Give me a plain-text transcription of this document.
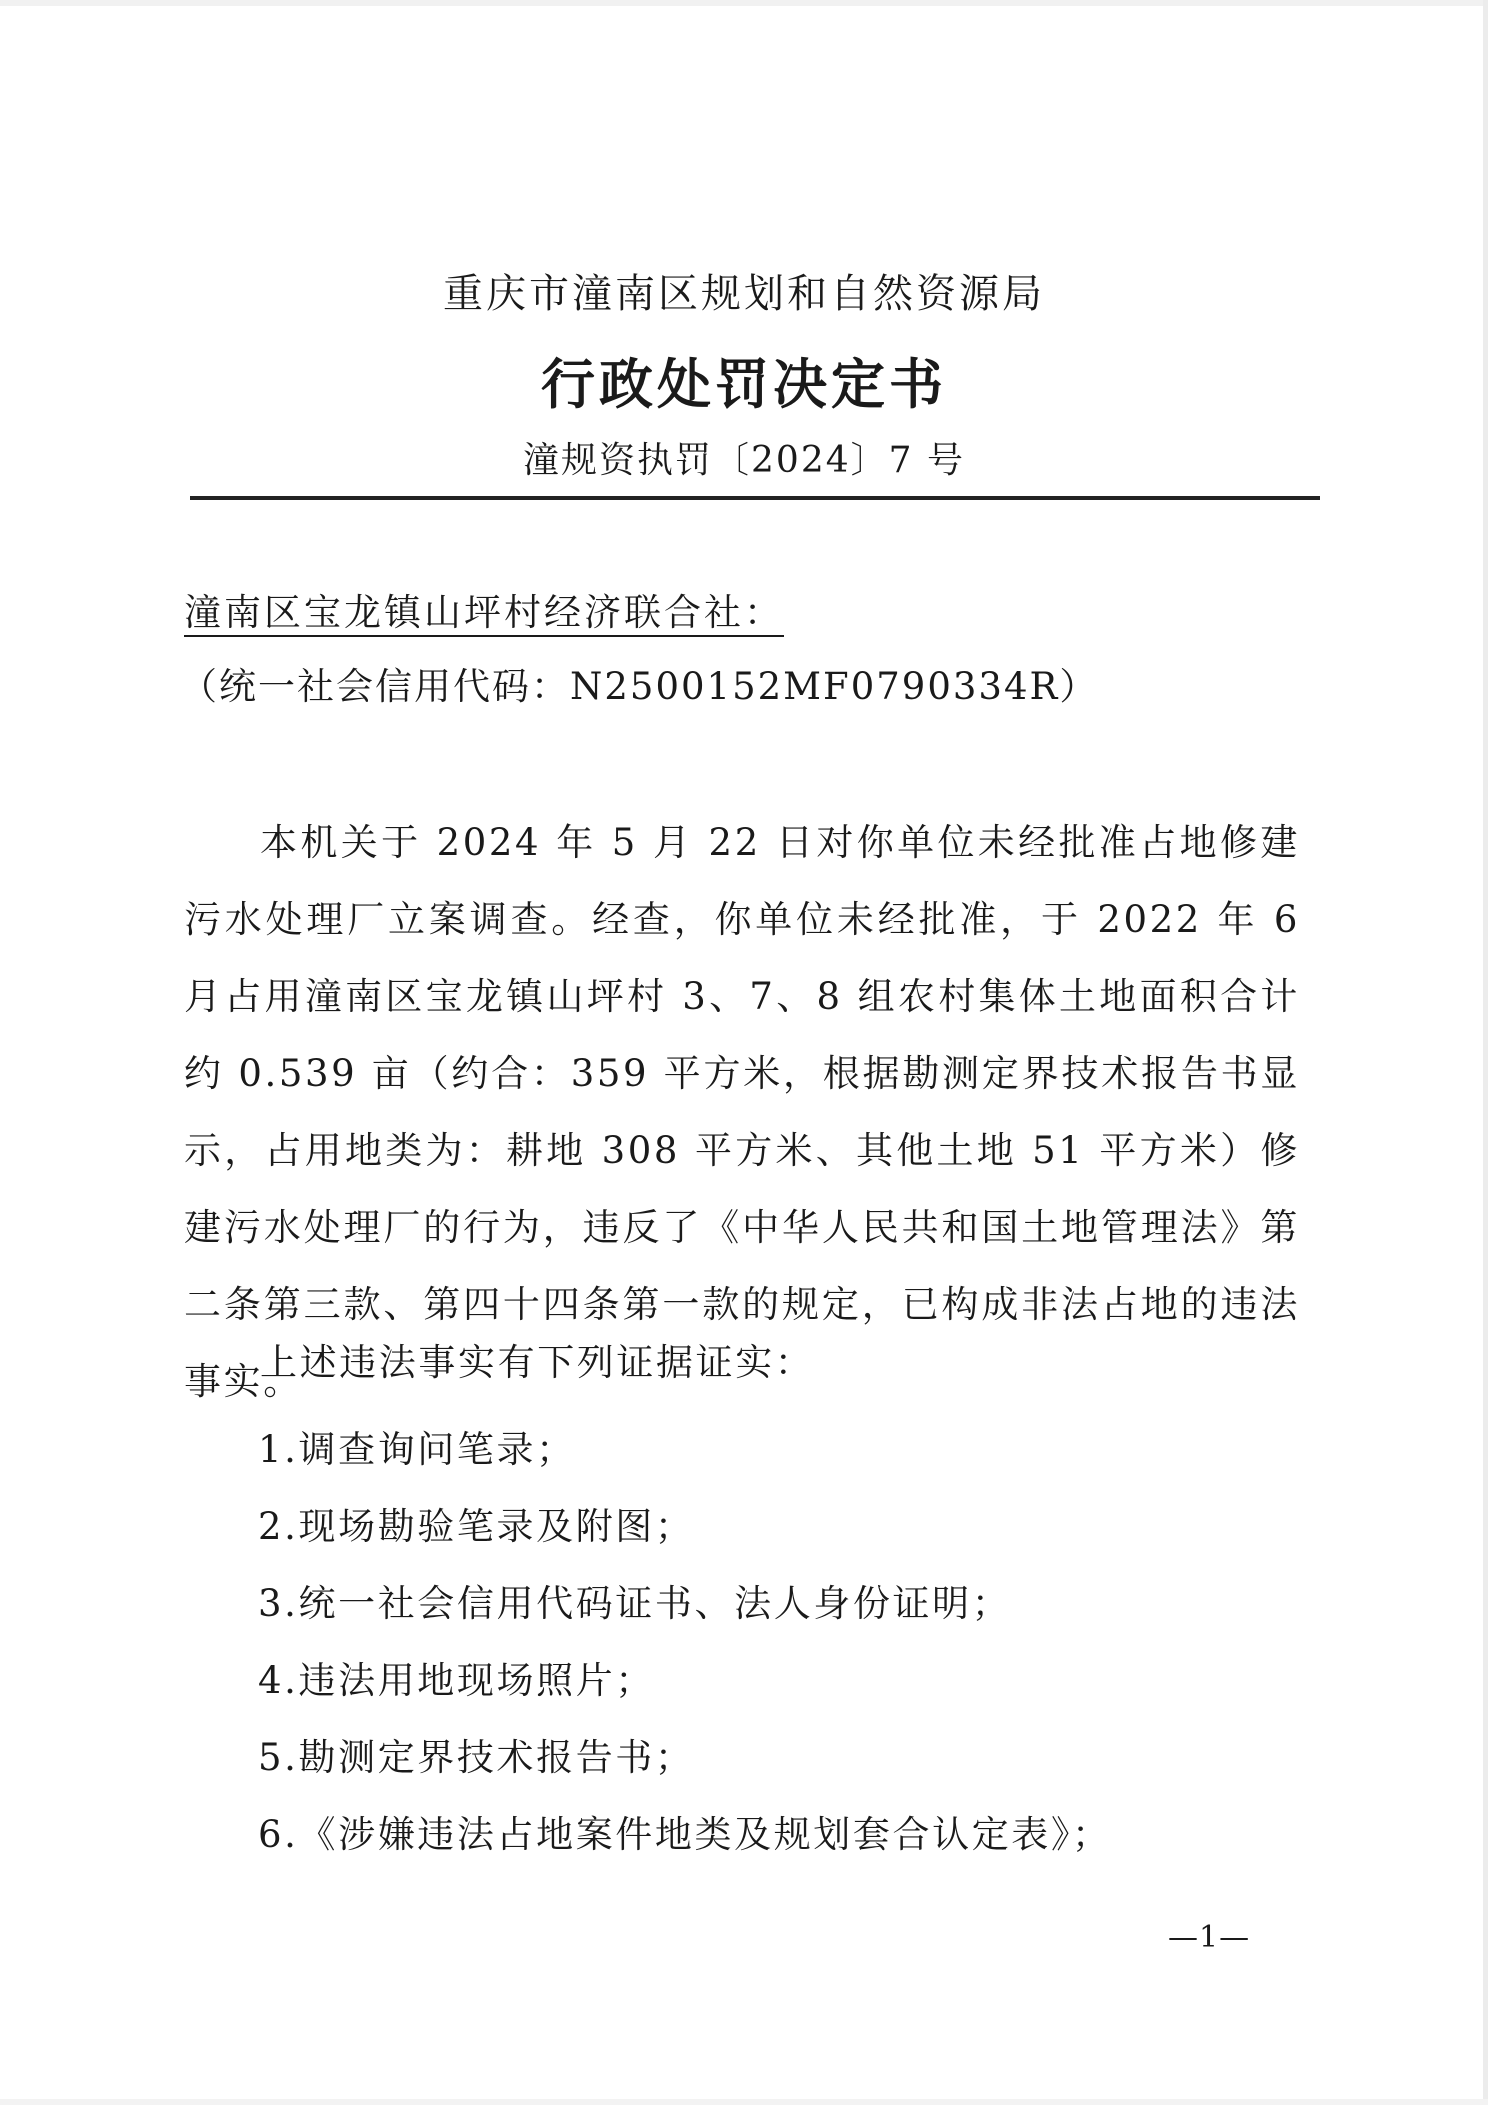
重庆市潼南区规划和自然资源局
行政处罚决定书
潼规资执罚〔2024〕7 号
潼南区宝龙镇山坪村经济联合社：
（统一社会信用代码：N2500152MF0790334R）

本机关于 2024 年 5 月 22 日对你单位未经批准占地修建污水处理厂立案调查。经查，你单位未经批准，于 2022 年 6 月占用潼南区宝龙镇山坪村 3、7、8 组农村集体土地面积合计约 0.539 亩（约合：359 平方米，根据勘测定界技术报告书显示，占用地类为：耕地 308 平方米、其他土地 51 平方米）修建污水处理厂的行为，违反了《中华人民共和国土地管理法》第二条第三款、第四十四条第一款的规定，已构成非法占地的违法事实。

上述违法事实有下列证据证实：
1.调查询问笔录；
2.现场勘验笔录及附图；
3.统一社会信用代码证书、法人身份证明；
4.违法用地现场照片；
5.勘测定界技术报告书；
6.《涉嫌违法占地案件地类及规划套合认定表》；
—1—
